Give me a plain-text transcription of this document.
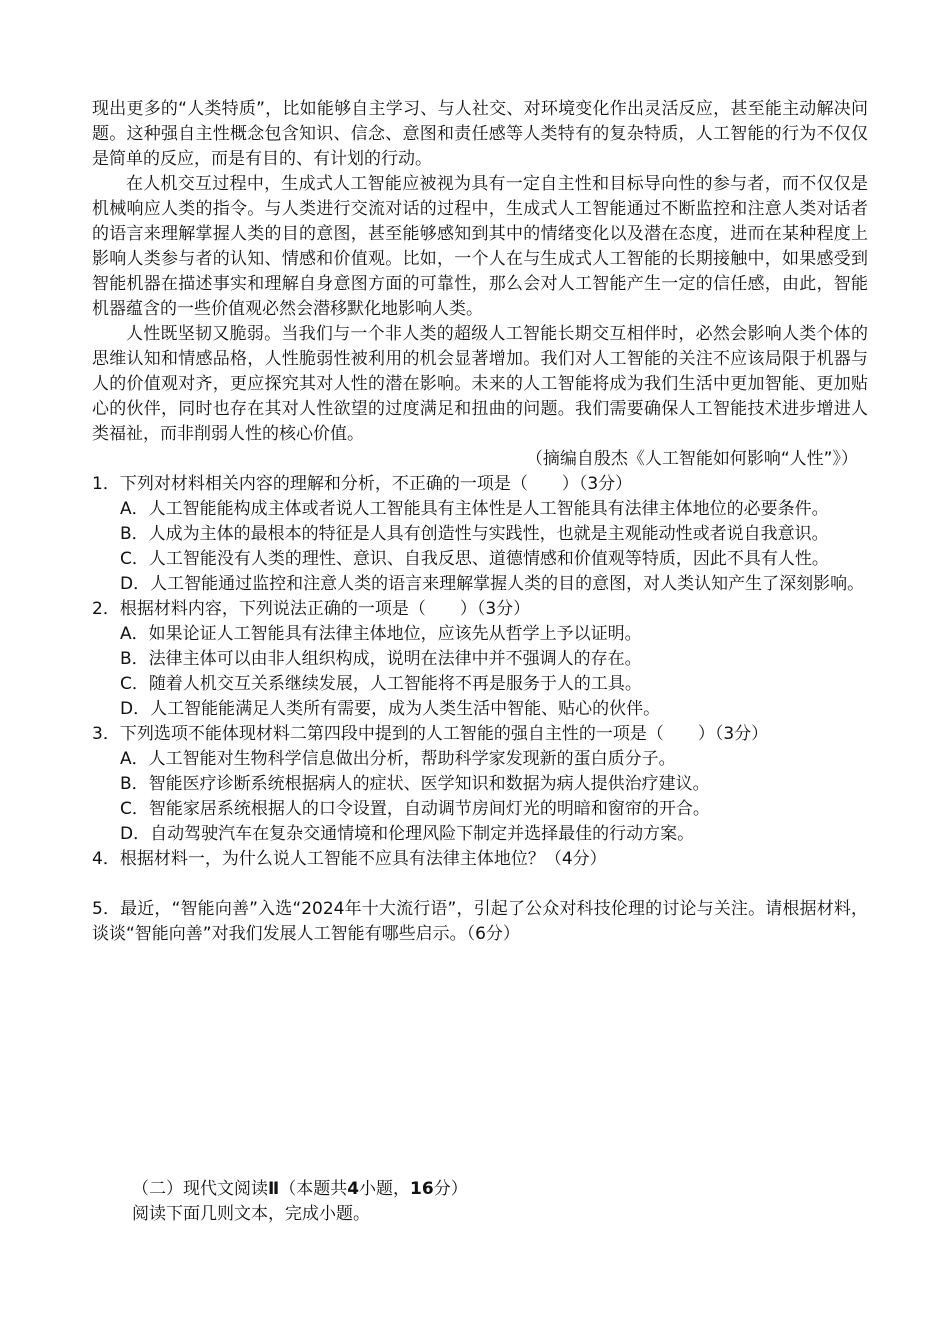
现出更多的“人类特质”，比如能够自主学习、与人社交、对环境变化作出灵活反应，甚至能主动解决问题。这种强自主性概念包含知识、信念、意图和责任感等人类特有的复杂特质，人工智能的行为不仅仅是简单的反应，而是有目的、有计划的行动。

在人机交互过程中，生成式人工智能应被视为具有一定自主性和目标导向性的参与者，而不仅仅是机械响应人类的指令。与人类进行交流对话的过程中，生成式人工智能通过不断监控和注意人类对话者的语言来理解掌握人类的目的意图，甚至能够感知到其中的情绪变化以及潜在态度，进而在某种程度上影响人类参与者的认知、情感和价值观。比如，一个人在与生成式人工智能的长期接触中，如果感受到智能机器在描述事实和理解自身意图方面的可靠性，那么会对人工智能产生一定的信任感，由此，智能机器蕴含的一些价值观必然会潜移默化地影响人类。

人性既坚韧又脆弱。当我们与一个非人类的超级人工智能长期交互相伴时，必然会影响人类个体的思维认知和情感品格，人性脆弱性被利用的机会显著增加。我们对人工智能的关注不应该局限于机器与人的价值观对齐，更应探究其对人性的潜在影响。未来的人工智能将成为我们生活中更加智能、更加贴心的伙伴，同时也存在其对人性欲望的过度满足和扭曲的问题。我们需要确保人工智能技术进步增进人类福祉，而非削弱人性的核心价值。

（摘编自殷杰《人工智能如何影响“人性”》）

1．下列对材料相关内容的理解和分析，不正确的一项是（　　）（3分）

A．人工智能能构成主体或者说人工智能具有主体性是人工智能具有法律主体地位的必要条件。

B．人成为主体的最根本的特征是人具有创造性与实践性，也就是主观能动性或者说自我意识。

C．人工智能没有人类的理性、意识、自我反思、道德情感和价值观等特质，因此不具有人性。

D．人工智能通过监控和注意人类的语言来理解掌握人类的目的意图，对人类认知产生了深刻影响。

2．根据材料内容，下列说法正确的一项是（　　）（3分）

A．如果论证人工智能具有法律主体地位，应该先从哲学上予以证明。

B．法律主体可以由非人组织构成，说明在法律中并不强调人的存在。

C．随着人机交互关系继续发展，人工智能将不再是服务于人的工具。

D．人工智能能满足人类所有需要，成为人类生活中智能、贴心的伙伴。

3．下列选项不能体现材料二第四段中提到的人工智能的强自主性的一项是（　　）（3分）

A．人工智能对生物科学信息做出分析，帮助科学家发现新的蛋白质分子。

B．智能医疗诊断系统根据病人的症状、医学知识和数据为病人提供治疗建议。

C．智能家居系统根据人的口令设置，自动调节房间灯光的明暗和窗帘的开合。

D．自动驾驶汽车在复杂交通情境和伦理风险下制定并选择最佳的行动方案。

4．根据材料一，为什么说人工智能不应具有法律主体地位？（4分）

5．最近，“智能向善”入选“2024年十大流行语”，引起了公众对科技伦理的讨论与关注。请根据材料，谈谈“智能向善”对我们发展人工智能有哪些启示。（6分）

（二）现代文阅读Ⅱ（本题共4小题，16分）

阅读下面几则文本，完成小题。
